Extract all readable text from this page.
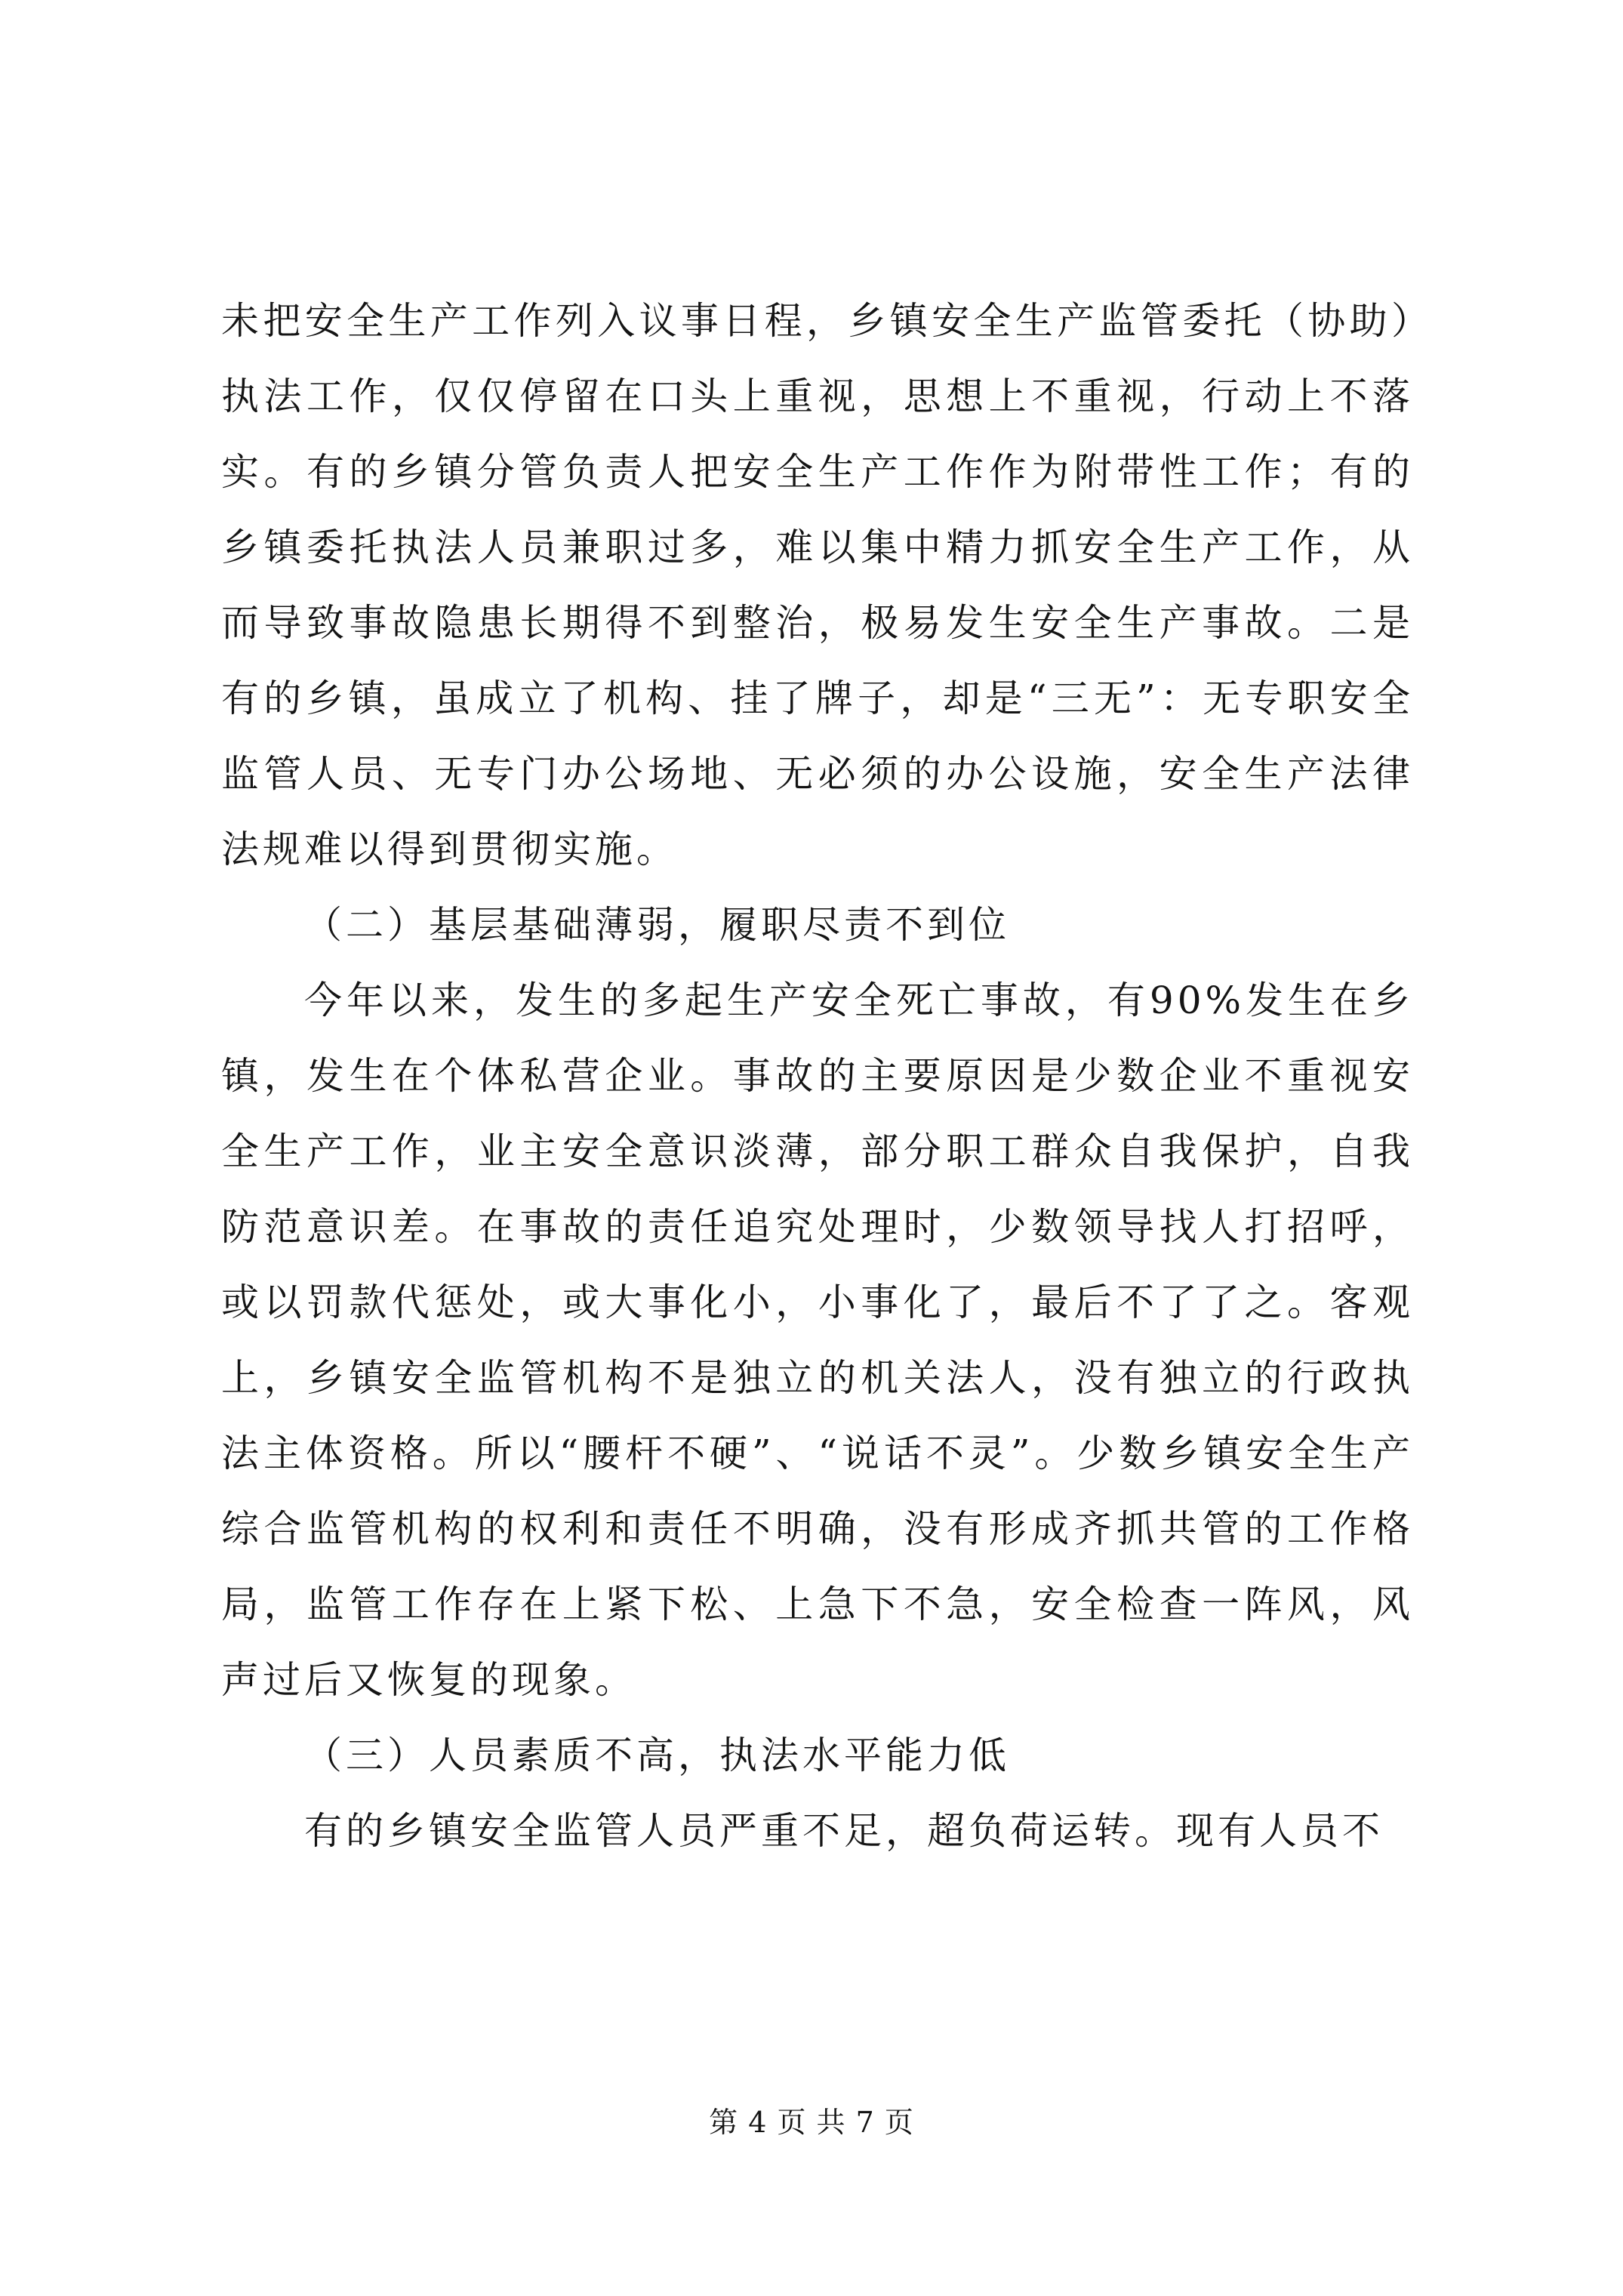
未把安全生产工作列入议事日程，乡镇安全生产监管委托（协助）执法工作，仅仅停留在口头上重视，思想上不重视，行动上不落实。有的乡镇分管负责人把安全生产工作作为附带性工作；有的乡镇委托执法人员兼职过多，难以集中精力抓安全生产工作，从而导致事故隐患长期得不到整治，极易发生安全生产事故。二是有的乡镇，虽成立了机构、挂了牌子，却是“三无”：无专职安全监管人员、无专门办公场地、无必须的办公设施，安全生产法律法规难以得到贯彻实施。

（二）基层基础薄弱，履职尽责不到位

今年以来，发生的多起生产安全死亡事故，有90%发生在乡镇，发生在个体私营企业。事故的主要原因是少数企业不重视安全生产工作，业主安全意识淡薄，部分职工群众自我保护，自我防范意识差。在事故的责任追究处理时，少数领导找人打招呼，或以罚款代惩处，或大事化小，小事化了，最后不了了之。客观上，乡镇安全监管机构不是独立的机关法人，没有独立的行政执法主体资格。所以“腰杆不硬”、“说话不灵”。少数乡镇安全生产综合监管机构的权利和责任不明确，没有形成齐抓共管的工作格局，监管工作存在上紧下松、上急下不急，安全检查一阵风，风声过后又恢复的现象。

（三）人员素质不高，执法水平能力低

有的乡镇安全监管人员严重不足，超负荷运转。现有人员不

第 4 页 共 7 页
